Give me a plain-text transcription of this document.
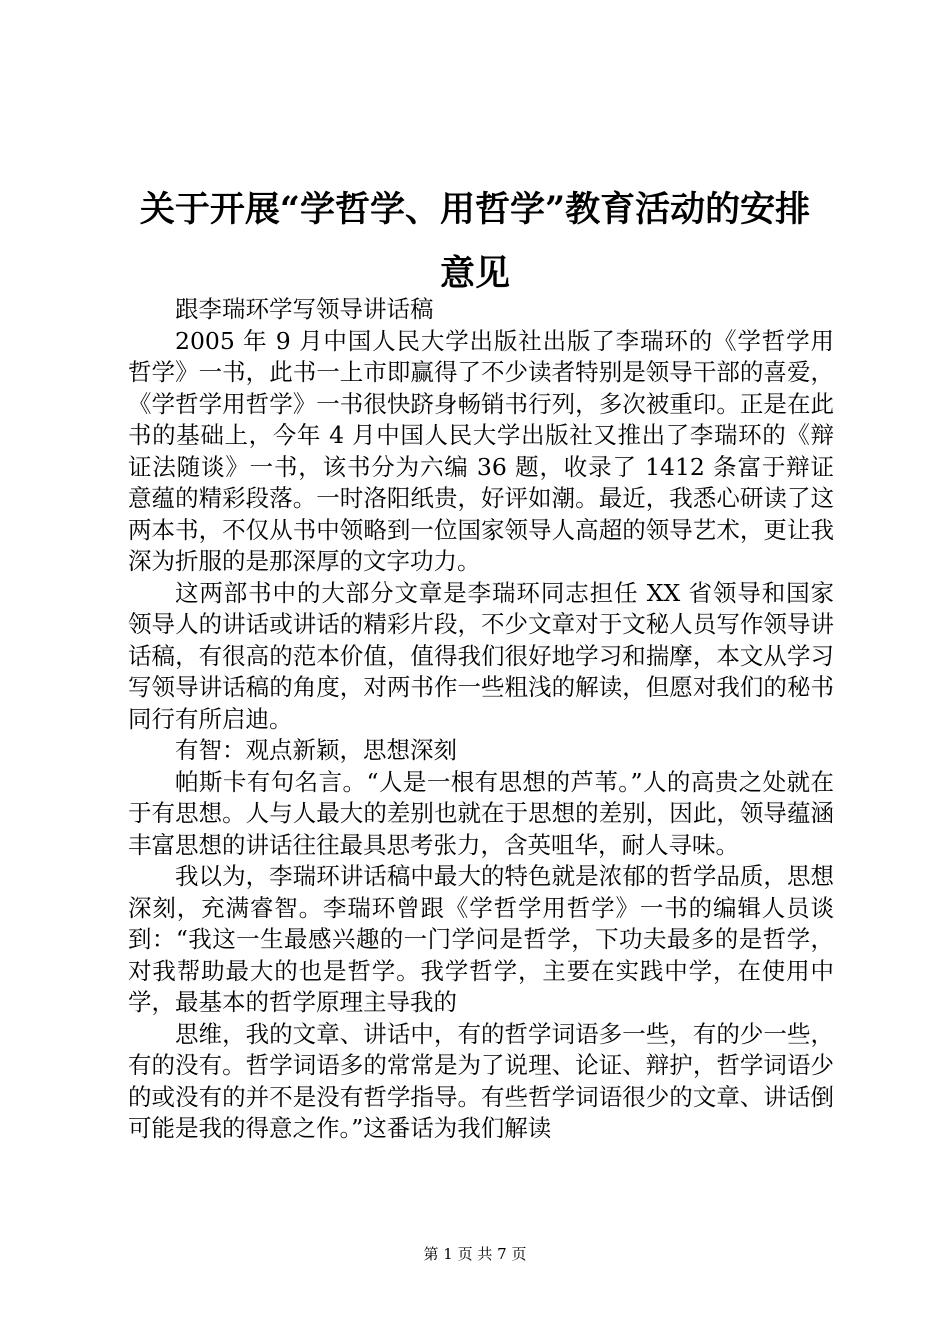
关于开展“学哲学、用哲学”教育活动的安排
意见

跟李瑞环学写领导讲话稿

2005 年 9 月中国人民大学出版社出版了李瑞环的《学哲学用哲学》一书，此书一上市即赢得了不少读者特别是领导干部的喜爱，《学哲学用哲学》一书很快跻身畅销书行列，多次被重印。正是在此书的基础上，今年 4 月中国人民大学出版社又推出了李瑞环的《辩证法随谈》一书，该书分为六编 36 题，收录了 1412 条富于辩证意蕴的精彩段落。一时洛阳纸贵，好评如潮。最近，我悉心研读了这两本书，不仅从书中领略到一位国家领导人高超的领导艺术，更让我深为折服的是那深厚的文字功力。

这两部书中的大部分文章是李瑞环同志担任 XX 省领导和国家领导人的讲话或讲话的精彩片段，不少文章对于文秘人员写作领导讲话稿，有很高的范本价值，值得我们很好地学习和揣摩，本文从学习写领导讲话稿的角度，对两书作一些粗浅的解读，但愿对我们的秘书同行有所启迪。

有智：观点新颖，思想深刻

帕斯卡有句名言。“人是一根有思想的芦苇。”人的高贵之处就在于有思想。人与人最大的差别也就在于思想的差别，因此，领导蕴涵丰富思想的讲话往往最具思考张力，含英咀华，耐人寻味。

我以为，李瑞环讲话稿中最大的特色就是浓郁的哲学品质，思想深刻，充满睿智。李瑞环曾跟《学哲学用哲学》一书的编辑人员谈到：“我这一生最感兴趣的一门学问是哲学，下功夫最多的是哲学，对我帮助最大的也是哲学。我学哲学，主要在实践中学，在使用中学，最基本的哲学原理主导我的

思维，我的文章、讲话中，有的哲学词语多一些，有的少一些，有的没有。哲学词语多的常常是为了说理、论证、辩护，哲学词语少的或没有的并不是没有哲学指导。有些哲学词语很少的文章、讲话倒可能是我的得意之作。”这番话为我们解读

第 1 页 共 7 页
